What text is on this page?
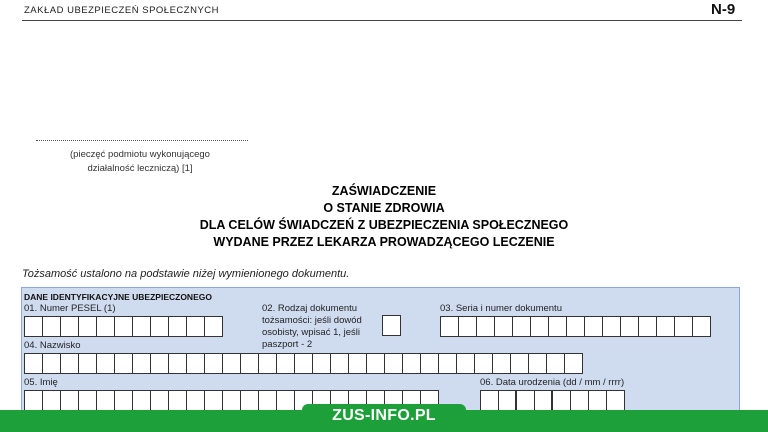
ZAKŁAD UBEZPIECZEŃ SPOŁECZNYCH	N-9
(pieczęć podmiotu wykonującego
działalność leczniczą) [1]
ZAŚWIADCZENIE
O STANIE ZDROWIA
DLA CELÓW ŚWIADCZEŃ Z UBEZPIECZENIA SPOŁECZNEGO
WYDANE PRZEZ LEKARZA PROWADZĄCEGO LECZENIE
Tożsamość ustalono na podstawie niżej wymienionego dokumentu.
DANE IDENTYFIKACYJNE UBEZPIECZONEGO
01. Numer PESEL (1)	02. Rodzaj dokumentu
tożsamości: jeśli dowód
osobisty, wpisać 1, jeśli
paszport - 2
03. Seria i numer dokumentu
04. Nazwisko
05. Imię	06. Data urodzenia (dd / mm / rrrr)
ZUS-INFO.PL
